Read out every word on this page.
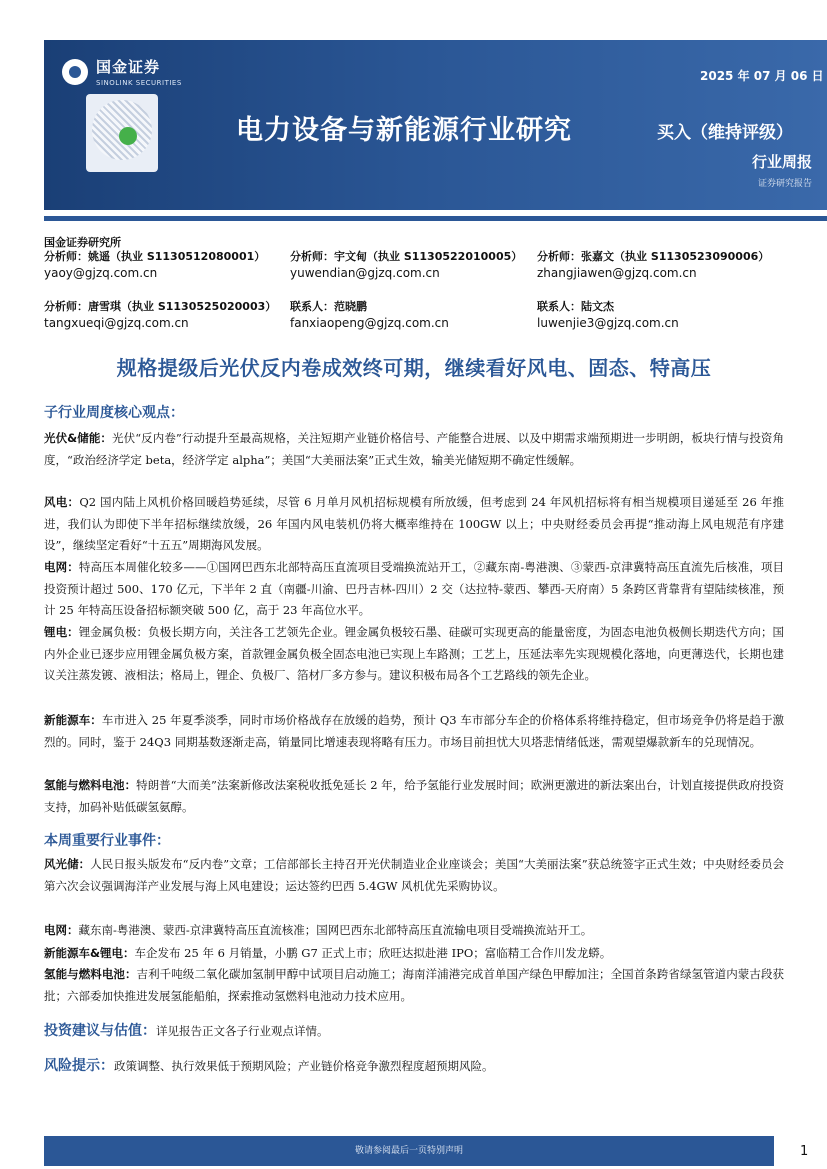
国金证券
SINOLINK SECURITIES	2025 年 07 月 06 日
电力设备与新能源行业研究	买入（维持评级）
行业周报
证券研究报告
国金证券研究所
分析师：姚遥（执业 S1130512080001）
yaoy@gjzq.com.cn
分析师：宇文甸（执业 S1130522010005）
yuwendian@gjzq.com.cn
分析师：张嘉文（执业 S1130523090006）
zhangjiawen@gjzq.com.cn
分析师：唐雪琪（执业 S1130525020003）
tangxueqi@gjzq.com.cn
联系人：范晓鹏
fanxiaopeng@gjzq.com.cn
联系人：陆文杰
luwenjie3@gjzq.com.cn
规格提级后光伏反内卷成效终可期，继续看好风电、固态、特高压
子行业周度核心观点：
光伏&储能：光伏“反内卷”行动提升至最高规格，关注短期产业链价格信号、产能整合进展、以及中期需求端预期进一步明朗，板块行情与投资角度，“政治经济学定 beta，经济学定 alpha”；美国“大美丽法案”正式生效，输美光储短期不确定性缓解。
风电：Q2 国内陆上风机价格回暖趋势延续，尽管 6 月单月风机招标规模有所放缓，但考虑到 24 年风机招标将有相当规模项目递延至 26 年推进，我们认为即使下半年招标继续放缓，26 年国内风电装机仍将大概率维持在 100GW 以上；中央财经委员会再提“推动海上风电规范有序建设”，继续坚定看好“十五五”周期海风发展。
电网：特高压本周催化较多——①国网巴西东北部特高压直流项目受端换流站开工，②藏东南-粤港澳、③蒙西-京津冀特高压直流先后核准，项目投资预计超过 500、170 亿元，下半年 2 直（南疆-川渝、巴丹吉林-四川）2 交（达拉特-蒙西、攀西-天府南）5 条跨区背靠背有望陆续核准，预计 25 年特高压设备招标额突破 500 亿，高于 23 年高位水平。
锂电：锂金属负极：负极长期方向，关注各工艺领先企业。锂金属负极较石墨、硅碳可实现更高的能量密度，为固态电池负极侧长期迭代方向；国内外企业已逐步应用锂金属负极方案，首款锂金属负极全固态电池已实现上车路测；工艺上，压延法率先实现规模化落地，向更薄迭代，长期也建议关注蒸发镀、液相法；格局上，锂企、负极厂、箔材厂多方参与。建议积极布局各个工艺路线的领先企业。
新能源车：车市进入 25 年夏季淡季，同时市场价格战存在放缓的趋势，预计 Q3 车市部分车企的价格体系将维持稳定，但市场竞争仍将是趋于激烈的。同时，鉴于 24Q3 同期基数逐渐走高，销量同比增速表现将略有压力。市场目前担忧大贝塔悲情绪低迷，需观望爆款新车的兑现情况。
氢能与燃料电池：特朗普“大而美”法案新修改法案税收抵免延长 2 年，给予氢能行业发展时间；欧洲更激进的新法案出台，计划直接提供政府投资支持，加码补贴低碳氢氨醇。
本周重要行业事件：
风光储：人民日报头版发布“反内卷”文章；工信部部长主持召开光伏制造业企业座谈会；美国“大美丽法案”获总统签字正式生效；中央财经委员会第六次会议强调海洋产业发展与海上风电建设；运达签约巴西 5.4GW 风机优先采购协议。
电网：藏东南-粤港澳、蒙西-京津冀特高压直流核准；国网巴西东北部特高压直流输电项目受端换流站开工。
新能源车&锂电：车企发布 25 年 6 月销量，小鹏 G7 正式上市；欣旺达拟赴港 IPO；富临精工合作川发龙蟒。
氢能与燃料电池：吉利千吨级二氧化碳加氢制甲醇中试项目启动施工；海南洋浦港完成首单国产绿色甲醇加注；全国首条跨省绿氢管道内蒙古段获批；六部委加快推进发展氢能船舶，探索推动氢燃料电池动力技术应用。
投资建议与估值：详见报告正文各子行业观点详情。
风险提示：政策调整、执行效果低于预期风险；产业链价格竞争激烈程度超预期风险。
敬请参阅最后一页特别声明	1
